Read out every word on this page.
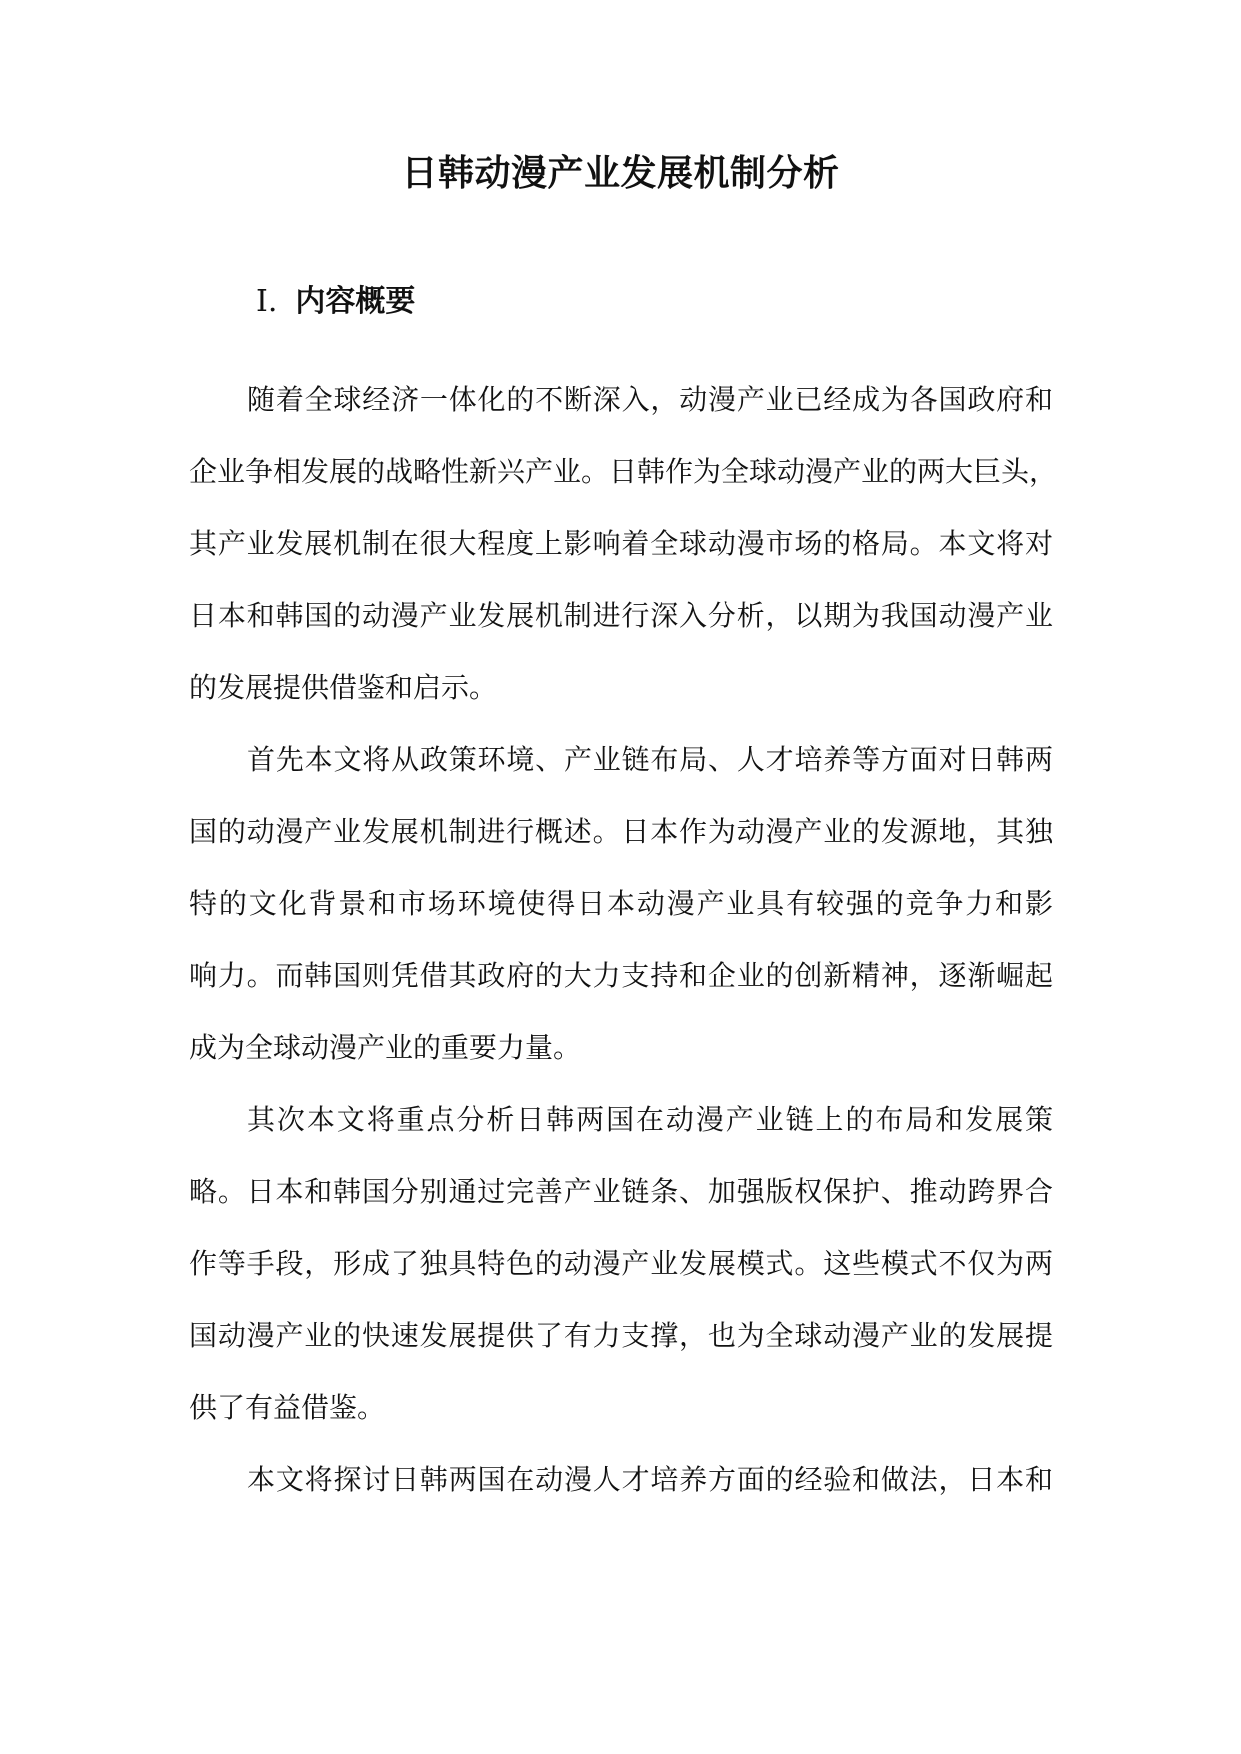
日韩动漫产业发展机制分析
I. 内容概要

随着全球经济一体化的不断深入，动漫产业已经成为各国政府和
企业争相发展的战略性新兴产业。日韩作为全球动漫产业的两大巨头，
其产业发展机制在很大程度上影响着全球动漫市场的格局。本文将对
日本和韩国的动漫产业发展机制进行深入分析，以期为我国动漫产业
的发展提供借鉴和启示。

首先本文将从政策环境、产业链布局、人才培养等方面对日韩两
国的动漫产业发展机制进行概述。日本作为动漫产业的发源地，其独
特的文化背景和市场环境使得日本动漫产业具有较强的竞争力和影
响力。而韩国则凭借其政府的大力支持和企业的创新精神，逐渐崛起
成为全球动漫产业的重要力量。

其次本文将重点分析日韩两国在动漫产业链上的布局和发展策
略。日本和韩国分别通过完善产业链条、加强版权保护、推动跨界合
作等手段，形成了独具特色的动漫产业发展模式。这些模式不仅为两
国动漫产业的快速发展提供了有力支撑，也为全球动漫产业的发展提
供了有益借鉴。

本文将探讨日韩两国在动漫人才培养方面的经验和做法，日本和
